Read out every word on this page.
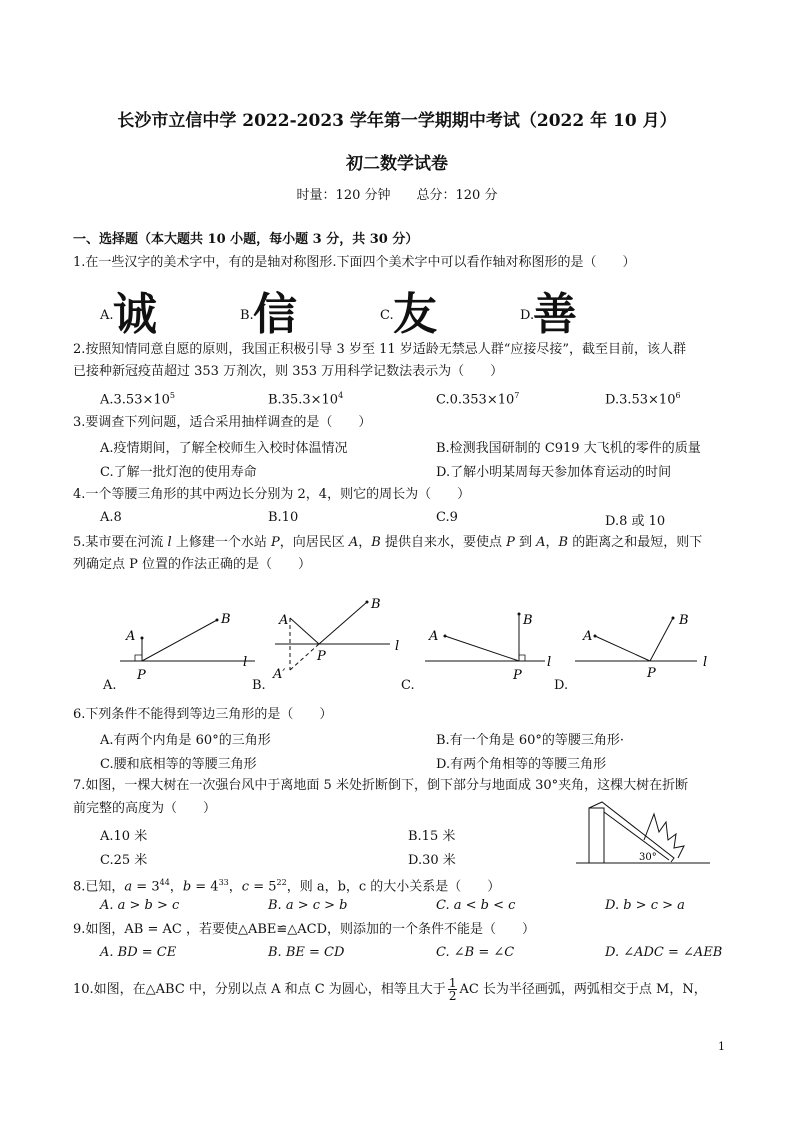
长沙市立信中学 2022-2023 学年第一学期期中考试（2022 年 10 月）
初二数学试卷
时量：120 分钟　　总分：120 分
一、选择题（本大题共 10 小题，每小题 3 分，共 30 分）
1.在一些汉字的美术字中，有的是轴对称图形.下面四个美术字中可以看作轴对称图形的是（　　）
A. 诚	B. 信	C. 友	D.
善
2.按照知情同意自愿的原则，我国正积极引导 3 岁至 11 岁适龄无禁忌人群“应接尽接”，截至目前，该人群
已接种新冠疫苗超过 353 万剂次，则 353 万用科学记数法表示为（　　）
$A.3.53\times 10^5$	$B.35.3\times 10^4$	$C.0.353\times 10^7$	$D.3.53\times 10^6$
3.要调查下列问题，适合采用抽样调查的是（　　）
A.疫情期间，了解全校师生入校时体温情况	B.检测我国研制的 C919 大飞机的零件的质量
C.了解一批灯泡的使用寿命	D.了解小明某周每天参加体育运动的时间
4.一个等腰三角形的其中两边长分别为 2，4，则它的周长为（　　）
A.8	B.10	C.9	D.8 或 10
5.某市要在河流 l 上修建一个水站 P，向居民区 A，B 提供自来水，要使点 P 到 A，B 的距离之和最短，则下
列确定点 P 位置的作法正确的是（　　）
A
B
P
l
A
B
P
l
A′
A
B
P
l
A
B
P
l
A.	B.	C.	D.
6.下列条件不能得到等边三角形的是（　　）
A.有两个内角是 60°的三角形	B.有一个角是 60°的等腰三角形·
C.腰和底相等的等腰三角形	D.有两个角相等的等腰三角形
7.如图，一棵大树在一次强台风中于离地面 5 米处折断倒下，倒下部分与地面成 30°夹角，这棵大树在折断
前完整的高度为（　　）
A.10 米	B.15 米
C.25 米	D.30 米	30°
8.已知，$a = 3^{44}$，$b = 4^{33}$，$c = 5^{22}$，则 a，b，c 的大小关系是（　　）
A. a > b > c	B. a > c > b	C. a < b < c	D. b > c > a
9.如图，AB = AC ，若要使△ABE≌△ACD，则添加的一个条件不能是（　　）
A. BD = CE	B. BE = CD	C. ∠B = ∠C	D. ∠ADC = ∠AEB
10.如图，在△ABC 中，分别以点 A 和点 C 为圆心，相等且大于 $\frac{1}{2}$ AC 长为半径画弧，两弧相交于点 M，N，
1
